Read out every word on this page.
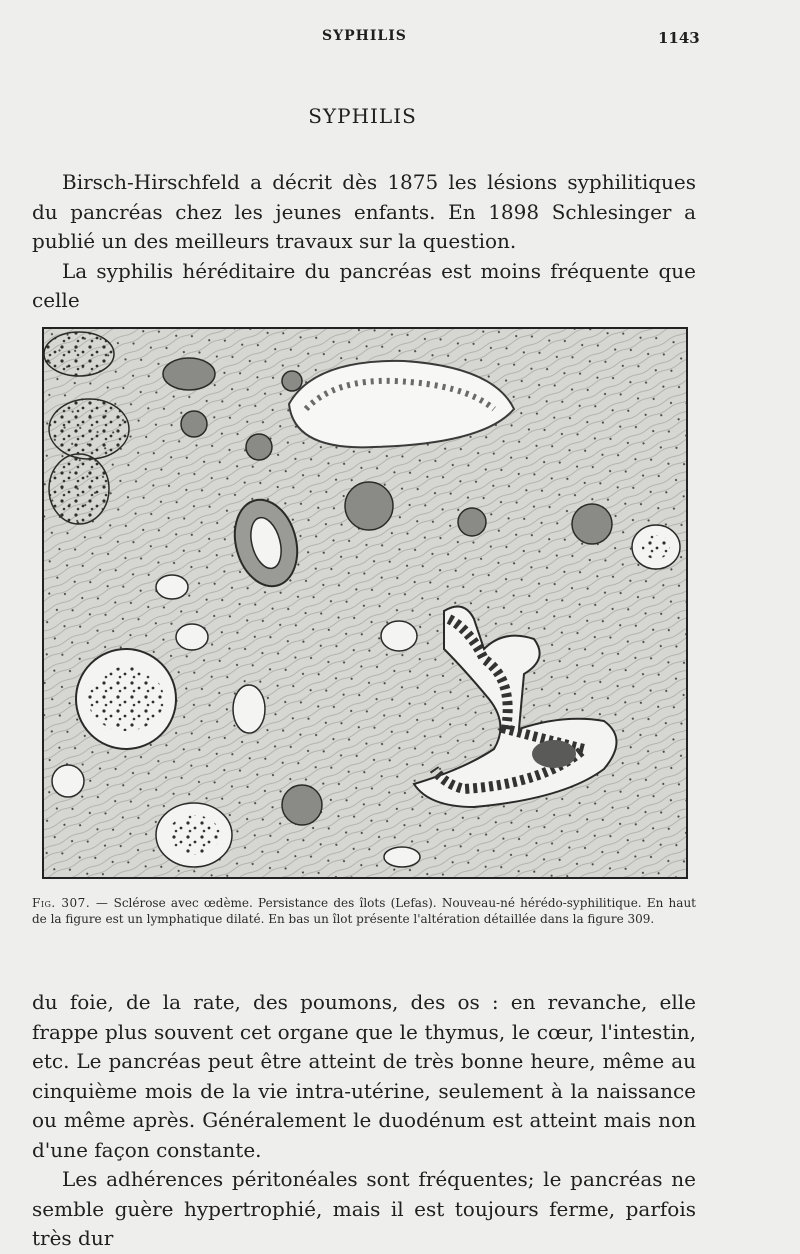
SYPHILIS	1143
SYPHILIS

Birsch-Hirschfeld a décrit dès 1875 les lésions syphilitiques du pancréas chez les jeunes enfants. En 1898 Schlesinger a publié un des meilleurs travaux sur la question.

La syphilis héréditaire du pancréas est moins fréquente que celle

Fig. 307. — Sclérose avec œdème. Persistance des îlots (Lefas). Nouveau-né hérédo-syphilitique. En haut de la figure est un lymphatique dilaté. En bas un îlot présente l'altération détaillée dans la figure 309.

du foie, de la rate, des poumons, des os : en revanche, elle frappe plus souvent cet organe que le thymus, le cœur, l'intestin, etc. Le pancréas peut être atteint de très bonne heure, même au cinquième mois de la vie intra-utérine, seulement à la naissance ou même après. Généralement le duodénum est atteint mais non d'une façon constante.

Les adhérences péritonéales sont fréquentes; le pancréas ne semble guère hypertrophié, mais il est toujours ferme, parfois très dur
